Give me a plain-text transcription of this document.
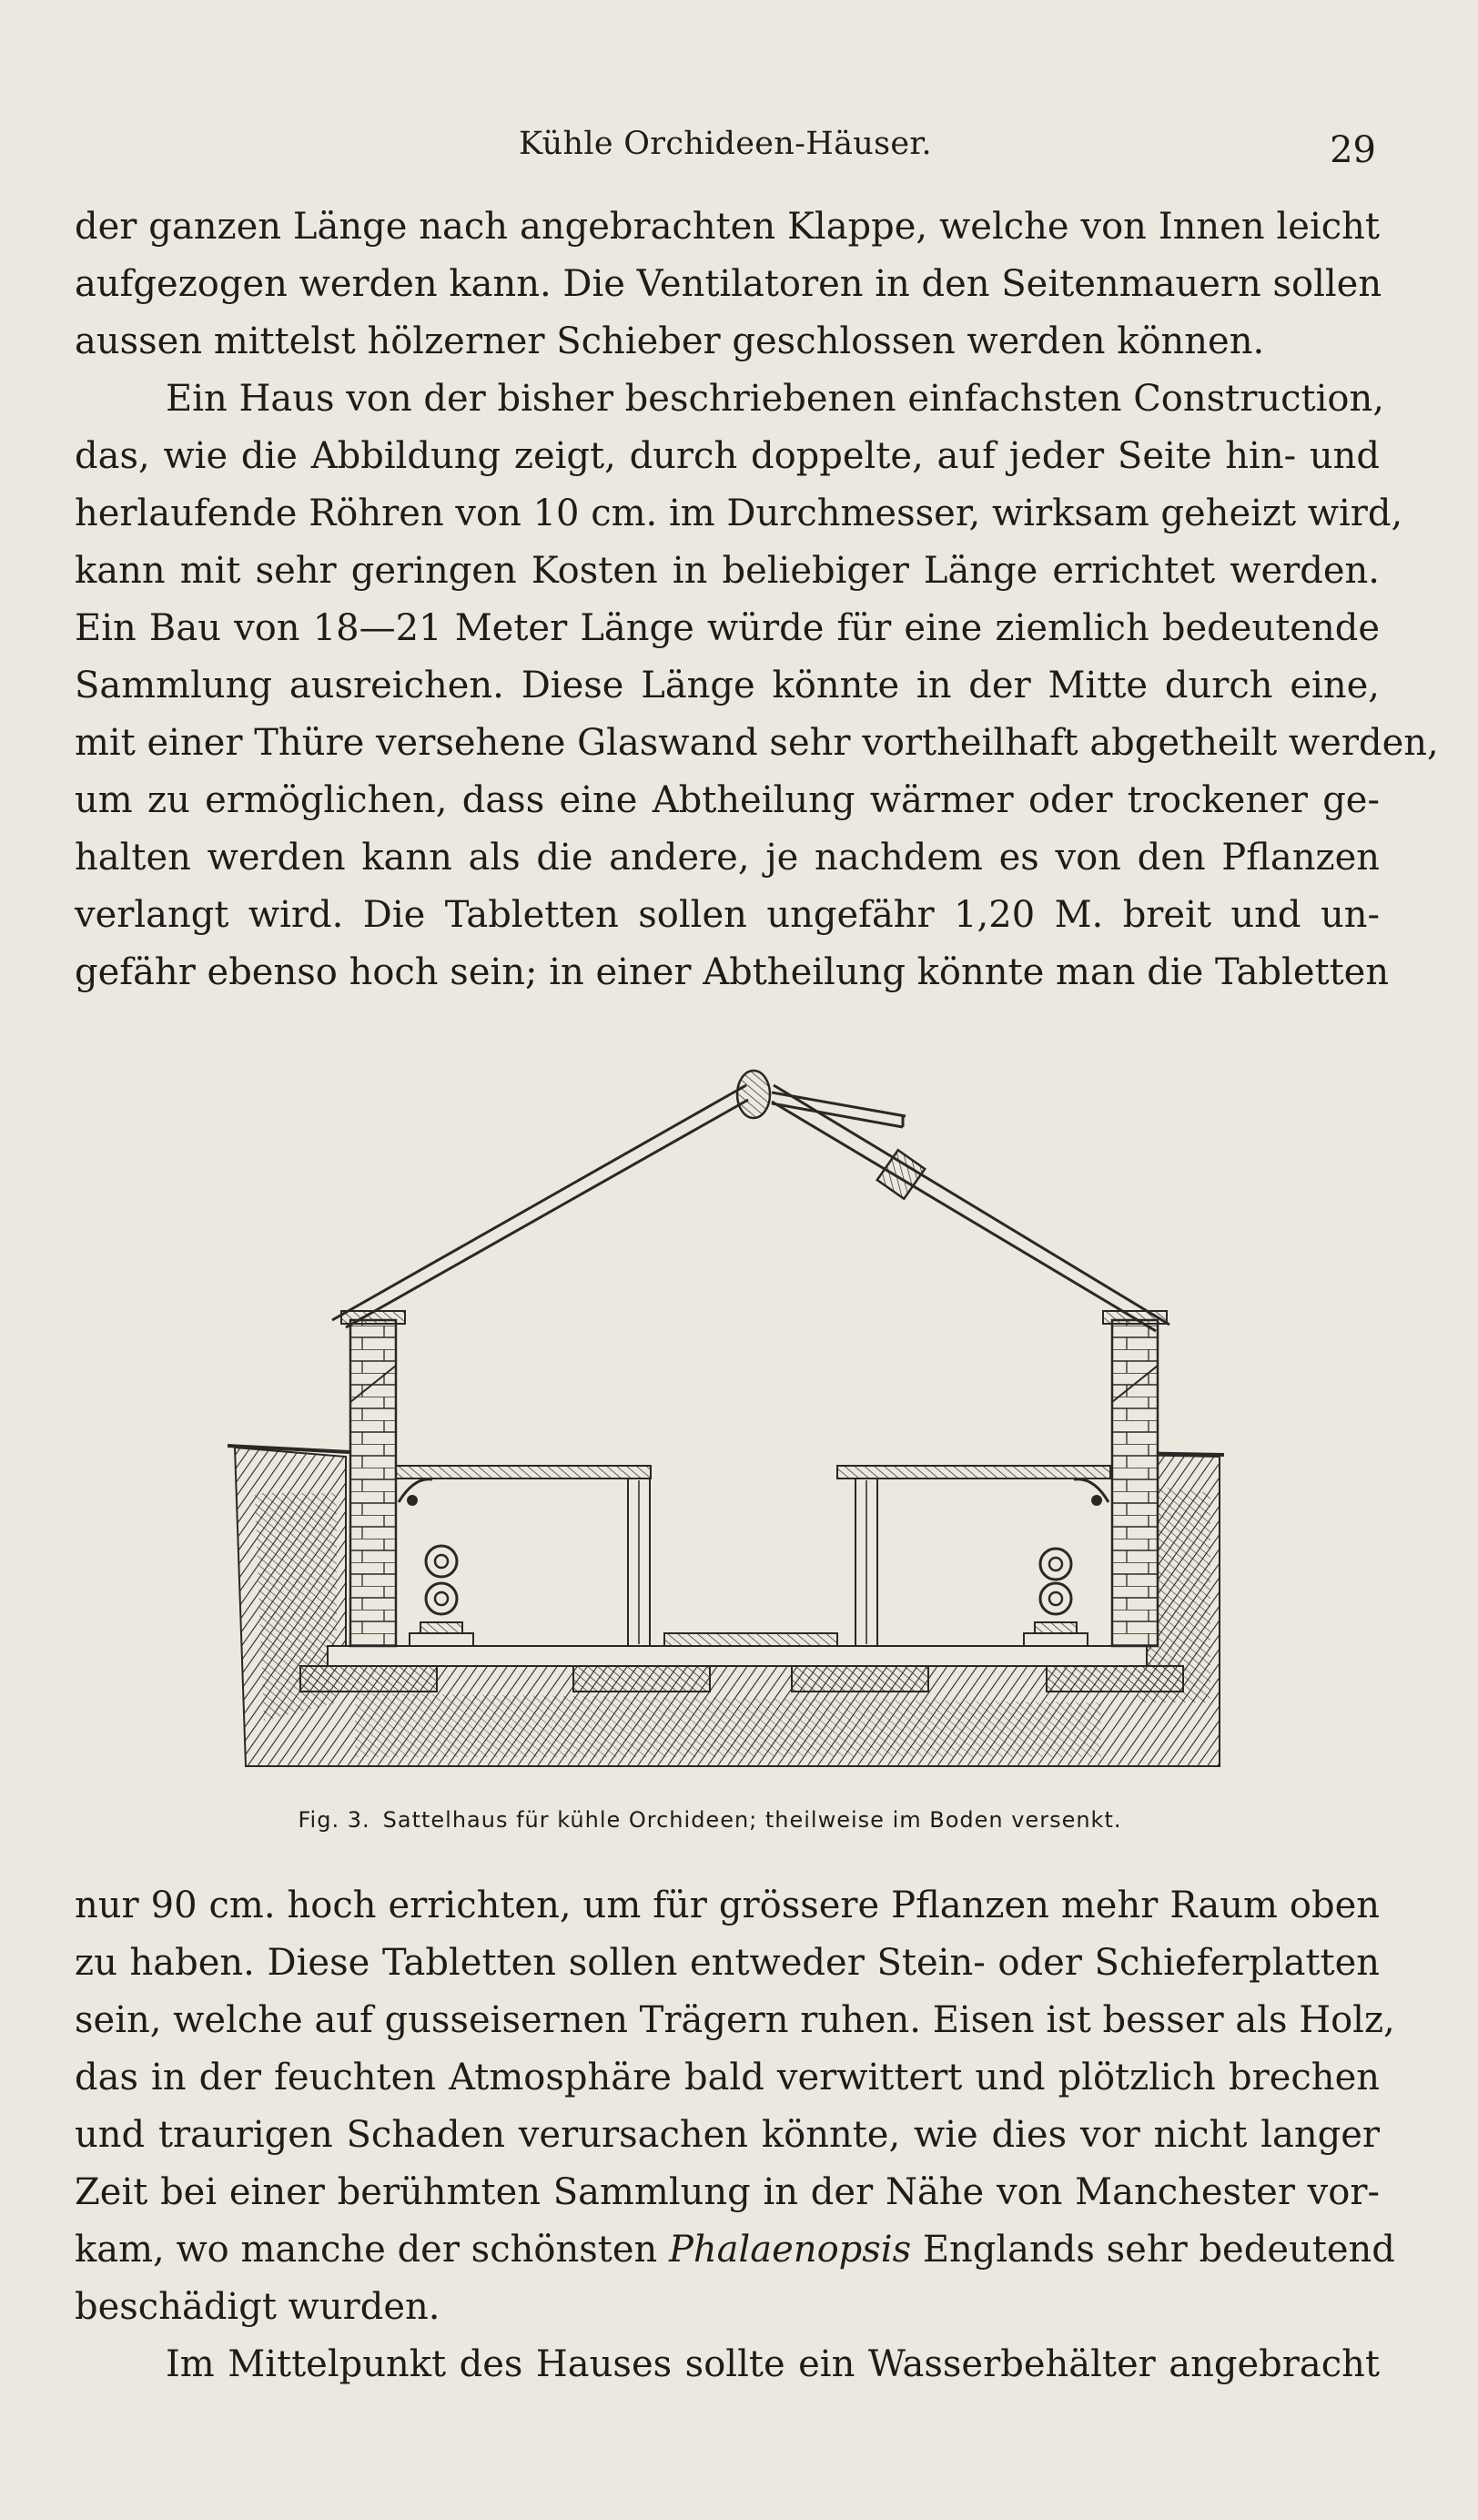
Kühle Orchideen-Häuser.	29
der ganzen Länge nach angebrachten Klappe, welche von Innen leicht
aufgezogen werden kann. Die Ventilatoren in den Seitenmauern sollen
aussen mittelst hölzerner Schieber geschlossen werden können.
Ein Haus von der bisher beschriebenen einfachsten Construction,
das, wie die Abbildung zeigt, durch doppelte, auf jeder Seite hin- und
herlaufende Röhren von 10 cm. im Durchmesser, wirksam geheizt wird,
kann mit sehr geringen Kosten in beliebiger Länge errichtet werden.
Ein Bau von 18—21 Meter Länge würde für eine ziemlich bedeutende
Sammlung ausreichen. Diese Länge könnte in der Mitte durch eine,
mit einer Thüre versehene Glaswand sehr vortheilhaft abgetheilt werden,
um zu ermöglichen, dass eine Abtheilung wärmer oder trockener ge-
halten werden kann als die andere, je nachdem es von den Pflanzen
verlangt wird. Die Tabletten sollen ungefähr 1,20 M. breit und un-
gefähr ebenso hoch sein; in einer Abtheilung könnte man die Tabletten
Fig. 3. Sattelhaus für kühle Orchideen; theilweise im Boden versenkt.
nur 90 cm. hoch errichten, um für grössere Pflanzen mehr Raum oben
zu haben. Diese Tabletten sollen entweder Stein- oder Schieferplatten
sein, welche auf gusseisernen Trägern ruhen. Eisen ist besser als Holz,
das in der feuchten Atmosphäre bald verwittert und plötzlich brechen
und traurigen Schaden verursachen könnte, wie dies vor nicht langer
Zeit bei einer berühmten Sammlung in der Nähe von Manchester vor-
kam, wo manche der schönsten Phalaenopsis Englands sehr bedeutend
beschädigt wurden.
Im Mittelpunkt des Hauses sollte ein Wasserbehälter angebracht
